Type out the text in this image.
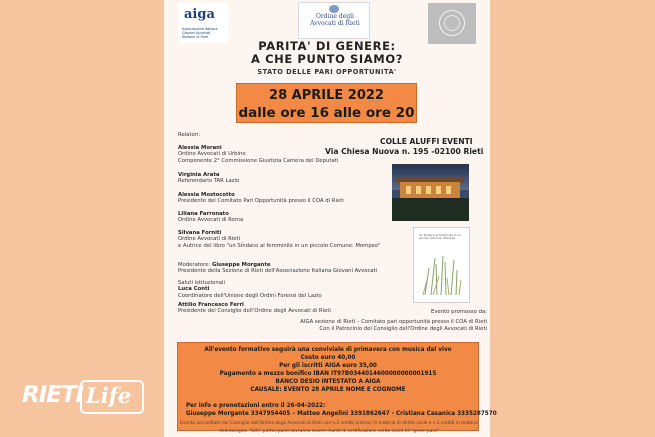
aiga
Associazione Italiana
Giovani Avvocati
Sezione di Rieti
Ordine degli Avvocati di Rieti
PARITA' DI GENERE:
A CHE PUNTO SIAMO?
STATO DELLE PARI OPPORTUNITA'
28 APRILE 2022
dalle ore 16 alle ore 20
COLLE ALUFFI EVENTI
Via Chiesa Nuova n. 195 -02100 Rieti
Relatori:
Alessia Morani
Ordine Avvocati di Urbino
Componente 2° Commissione Giustizia Camera dei Deputati
Virginia Arata
Referendario TAR Lazio
Alessia Mostocotto
Presidente del Comitato Pari Opportunità presso il COA di Rieti
Liliana Farronato
Ordine Avvocati di Roma
Silvana Forniti
Ordine Avvocati di Rieti
e Autrice del libro "un Sindaco al femminile in un piccolo Comune: Mompeo"
Moderatore: Giuseppe Morgante
Presidente della Sezione di Rieti dell'Associazione Italiana Giovani Avvocati
Saluti istituzionali
Luca Conti
Coordinatore dell'Unione degli Ordini Forensi del Lazio
Attilio Francesco Ferri
Presidente del Consiglio dell'Ordine degli Avvocati di Rieti
Un Sindaco al femminile in un piccolo Comune: Mompeo
Evento promosso da:
AIGA sezione di Rieti – Comitato pari opportunità presso il COA di Rieti
Con il Patrocinio del Consiglio dell'Ordine degli Avvocati di Rieti
All'evento formativo seguirà una conviviale di primavera con musica dal vivo
Costo euro 40,00
Per gli iscritti AIGA euro 35,00
Pagamento a mezzo bonifico IBAN IT97B0344014600000000001915
BANCO DESIO INTESTATO A AIGA
CAUSALE: EVENTO 28 APRILE NOME E COGNOME
Per info e prenotazioni entro il 26-04-2022:
Giuseppe Morgante 3347954405 – Matteo Angelini 3391862647 - Cristiana Casanica 3335287570
Evento accreditato dal Consiglio dell'Ordine degli Avvocati di Rieti con n.2 crediti ordinari in materia di diritto civile e n.2 crediti in materia
deontologica. Tutti i partecipanti dovranno essere muniti di certificazione verde covid-19 "green pass"
RIETI Life
